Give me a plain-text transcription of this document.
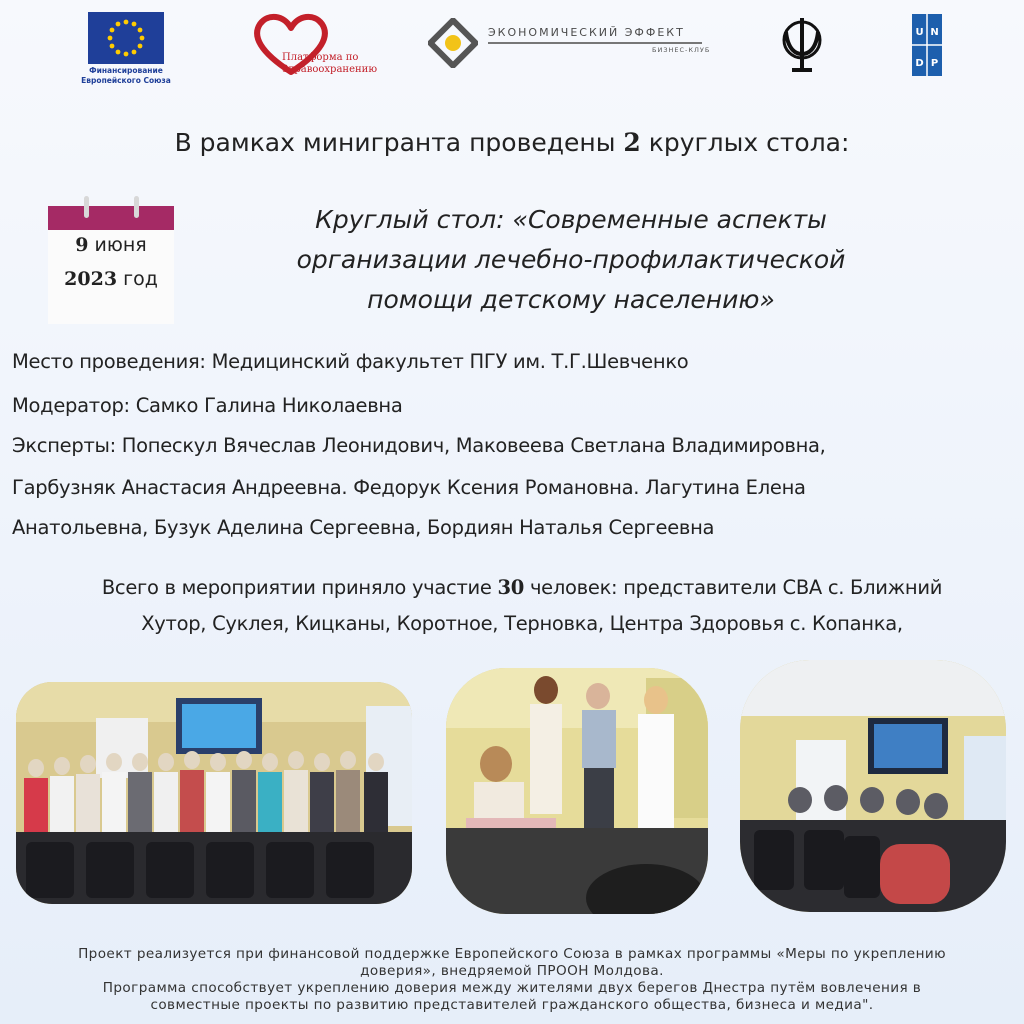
Финансирование
Европейского Союза
Платформа по
Здравоохранению
ЭКОНОМИЧЕСКИЙ ЭФФЕКТ
БИЗНЕС-КЛУБ
U N
D P
В рамках минигранта проведены 2 круглых стола:
9 июня
2023 год
Круглый стол: «Современные аспекты
организации лечебно-профилактической
помощи детскому населению»
Место проведения: Медицинский факультет ПГУ им. Т.Г.Шевченко
Модератор: Самко Галина Николаевна
Эксперты: Попескул Вячеслав Леонидович, Маковеева Светлана Владимировна,
Гарбузняк Анастасия Андреевна. Федорук Ксения Романовна. Лагутина Елена
Анатольевна, Бузук Аделина Сергеевна, Бордиян Наталья Сергеевна
Всего в мероприятии приняло участие 30 человек: представители СВА с. Ближний
Хутор, Суклея, Кицканы, Коротное, Терновка, Центра Здоровья с. Копанка,
Проект реализуется при финансовой поддержке Европейского Союза в рамках программы «Меры по укреплению
доверия», внедряемой ПРООН Молдова.
Программа способствует укреплению доверия между жителями двух берегов Днестра путём вовлечения в
совместные проекты по развитию представителей гражданского общества, бизнеса и медиа".
